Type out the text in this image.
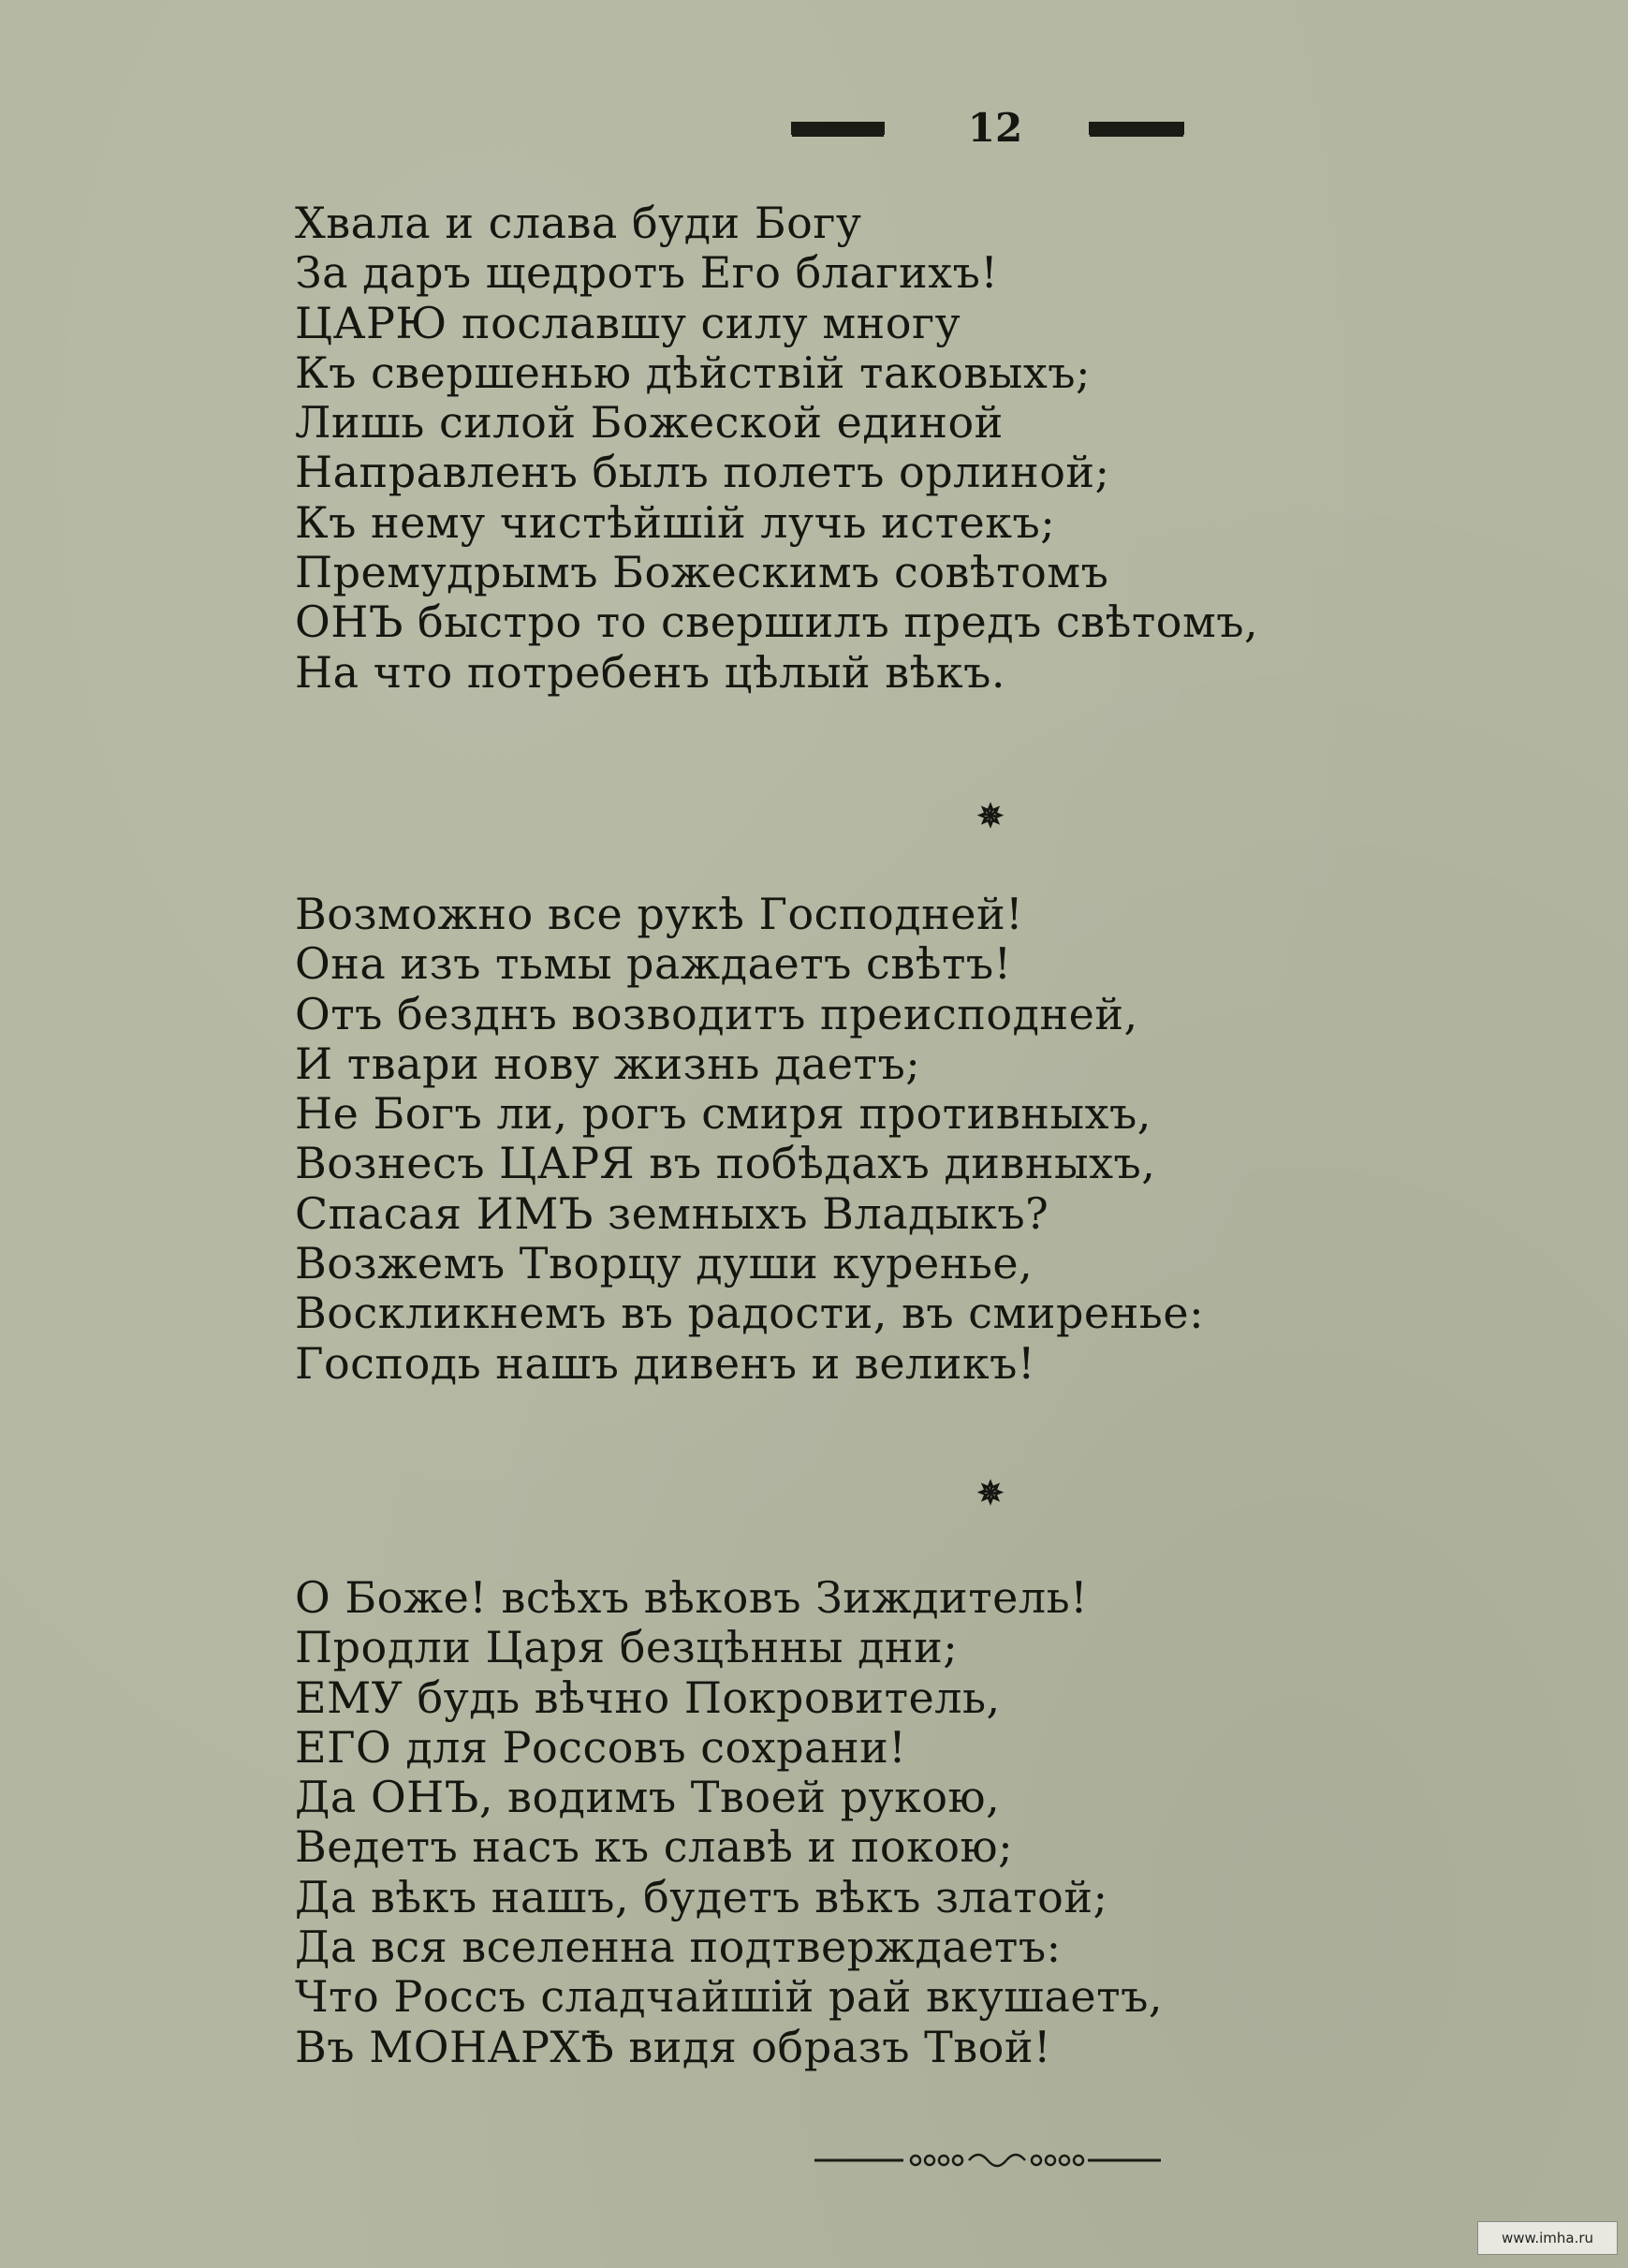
12
Хвала и слава буди Богу
За даръ щедротъ Его благихъ!
ЦАРЮ пославшу силу многу
Къ свершенью дѣйствій таковыхъ;
Лишь силой Божеской единой
Направленъ былъ полетъ орлиной;
Къ нему чистѣйшій лучь истекъ;
Премудрымъ Божескимъ совѣтомъ
ОНЪ быстро то свершилъ предъ свѣтомъ,
На что потребенъ цѣлый вѣкъ.
✵
Возможно все рукѣ Господней!
Она изъ тьмы раждаетъ свѣтъ!
Отъ безднъ возводитъ преисподней,
И твари нову жизнь даетъ;
Не Богъ ли, рогъ смиря противныхъ,
Вознесъ ЦАРЯ въ побѣдахъ дивныхъ,
Спасая ИМЪ земныхъ Владыкъ?
Возжемъ Творцу души куренье,
Воскликнемъ въ радости, въ смиренье:
Господь нашъ дивенъ и великъ!
✵
О Боже! всѣхъ вѣковъ Зиждитель!
Продли Царя безцѣнны дни;
ЕМУ будь вѣчно Покровитель,
ЕГО для Россовъ сохрани!
Да ОНЪ, водимъ Твоей рукою,
Ведетъ насъ къ славѣ и покою;
Да вѣкъ нашъ, будетъ вѣкъ златой;
Да вся вселенна подтверждаетъ:
Что Россъ сладчайшій рай вкушаетъ,
Въ МОНАРХѢ видя образъ Твой!
www.imha.ru
